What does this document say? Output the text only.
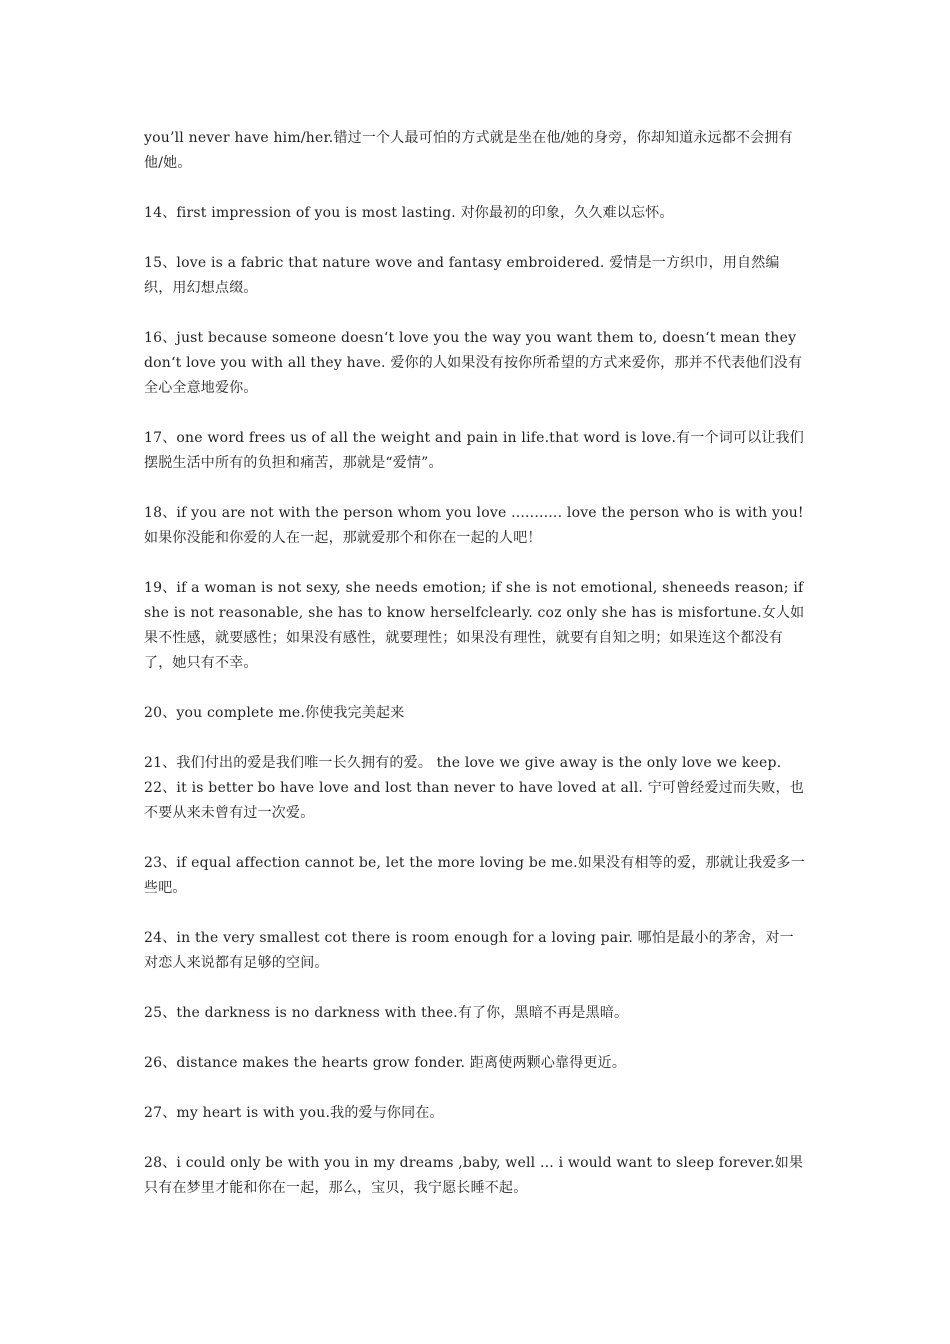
you’ll never have him/her.错过一个人最可怕的方式就是坐在他/她的身旁，你却知道永远都不会拥有他/她。

14、first impression of you is most lasting. 对你最初的印象，久久难以忘怀。

15、love is a fabric that nature wove and fantasy embroidered. 爱情是一方织巾，用自然编织，用幻想点缀。

16、just because someone doesn‘t love you the way you want them to, doesn‘t mean they don‘t love you with all they have. 爱你的人如果没有按你所希望的方式来爱你，那并不代表他们没有全心全意地爱你。

17、one word frees us of all the weight and pain in life.that word is love.有一个词可以让我们摆脱生活中所有的负担和痛苦，那就是“爱情”。

18、if you are not with the person whom you love ........... love the person who is with you! 如果你没能和你爱的人在一起，那就爱那个和你在一起的人吧！

19、if a woman is not sexy, she needs emotion; if she is not emotional, sheneeds reason; if she is not reasonable, she has to know herselfclearly. coz only she has is misfortune.女人如果不性感，就要感性；如果没有感性，就要理性；如果没有理性，就要有自知之明；如果连这个都没有了，她只有不幸。

20、you complete me.你使我完美起来

21、我们付出的爱是我们唯一长久拥有的爱。 the love we give away is the only love we keep.

22、it is better bo have love and lost than never to have loved at all. 宁可曾经爱过而失败，也不要从来未曾有过一次爱。

23、if equal affection cannot be, let the more loving be me.如果没有相等的爱，那就让我爱多一些吧。

24、in the very smallest cot there is room enough for a loving pair. 哪怕是最小的茅舍，对一对恋人来说都有足够的空间。

25、the darkness is no darkness with thee.有了你，黑暗不再是黑暗。

26、distance makes the hearts grow fonder. 距离使两颗心靠得更近。

27、my heart is with you.我的爱与你同在。

28、i could only be with you in my dreams ,baby, well ... i would want to sleep forever.如果只有在梦里才能和你在一起，那么，宝贝，我宁愿长睡不起。
